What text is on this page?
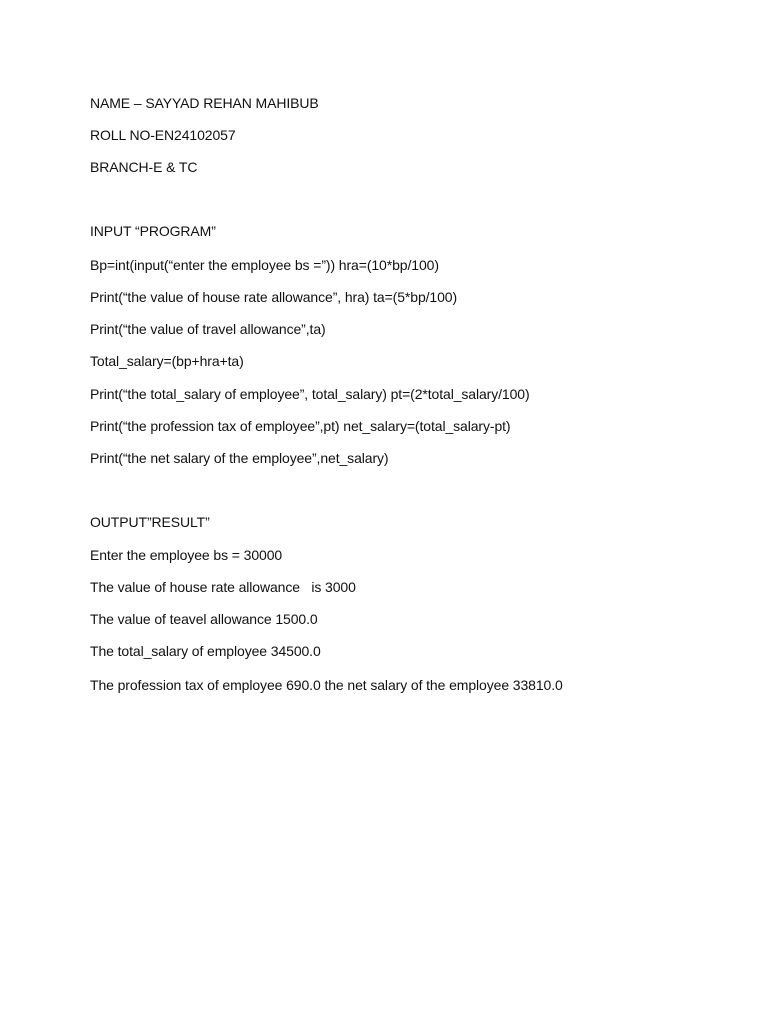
NAME – SAYYAD REHAN MAHIBUB
ROLL NO-EN24102057
BRANCH-E & TC
INPUT “PROGRAM”
Bp=int(input(“enter the employee bs =”)) hra=(10*bp/100)
Print(“the value of house rate allowance”, hra) ta=(5*bp/100)
Print(“the value of travel allowance”,ta)
Total_salary=(bp+hra+ta)
Print(“the total_salary of employee”, total_salary) pt=(2*total_salary/100)
Print(“the profession tax of employee”,pt) net_salary=(total_salary-pt)
Print(“the net salary of the employee”,net_salary)
OUTPUT”RESULT”
Enter the employee bs = 30000
The value of house rate allowance   is 3000
The value of teavel allowance 1500.0
The total_salary of employee 34500.0
The profession tax of employee 690.0 the net salary of the employee 33810.0
